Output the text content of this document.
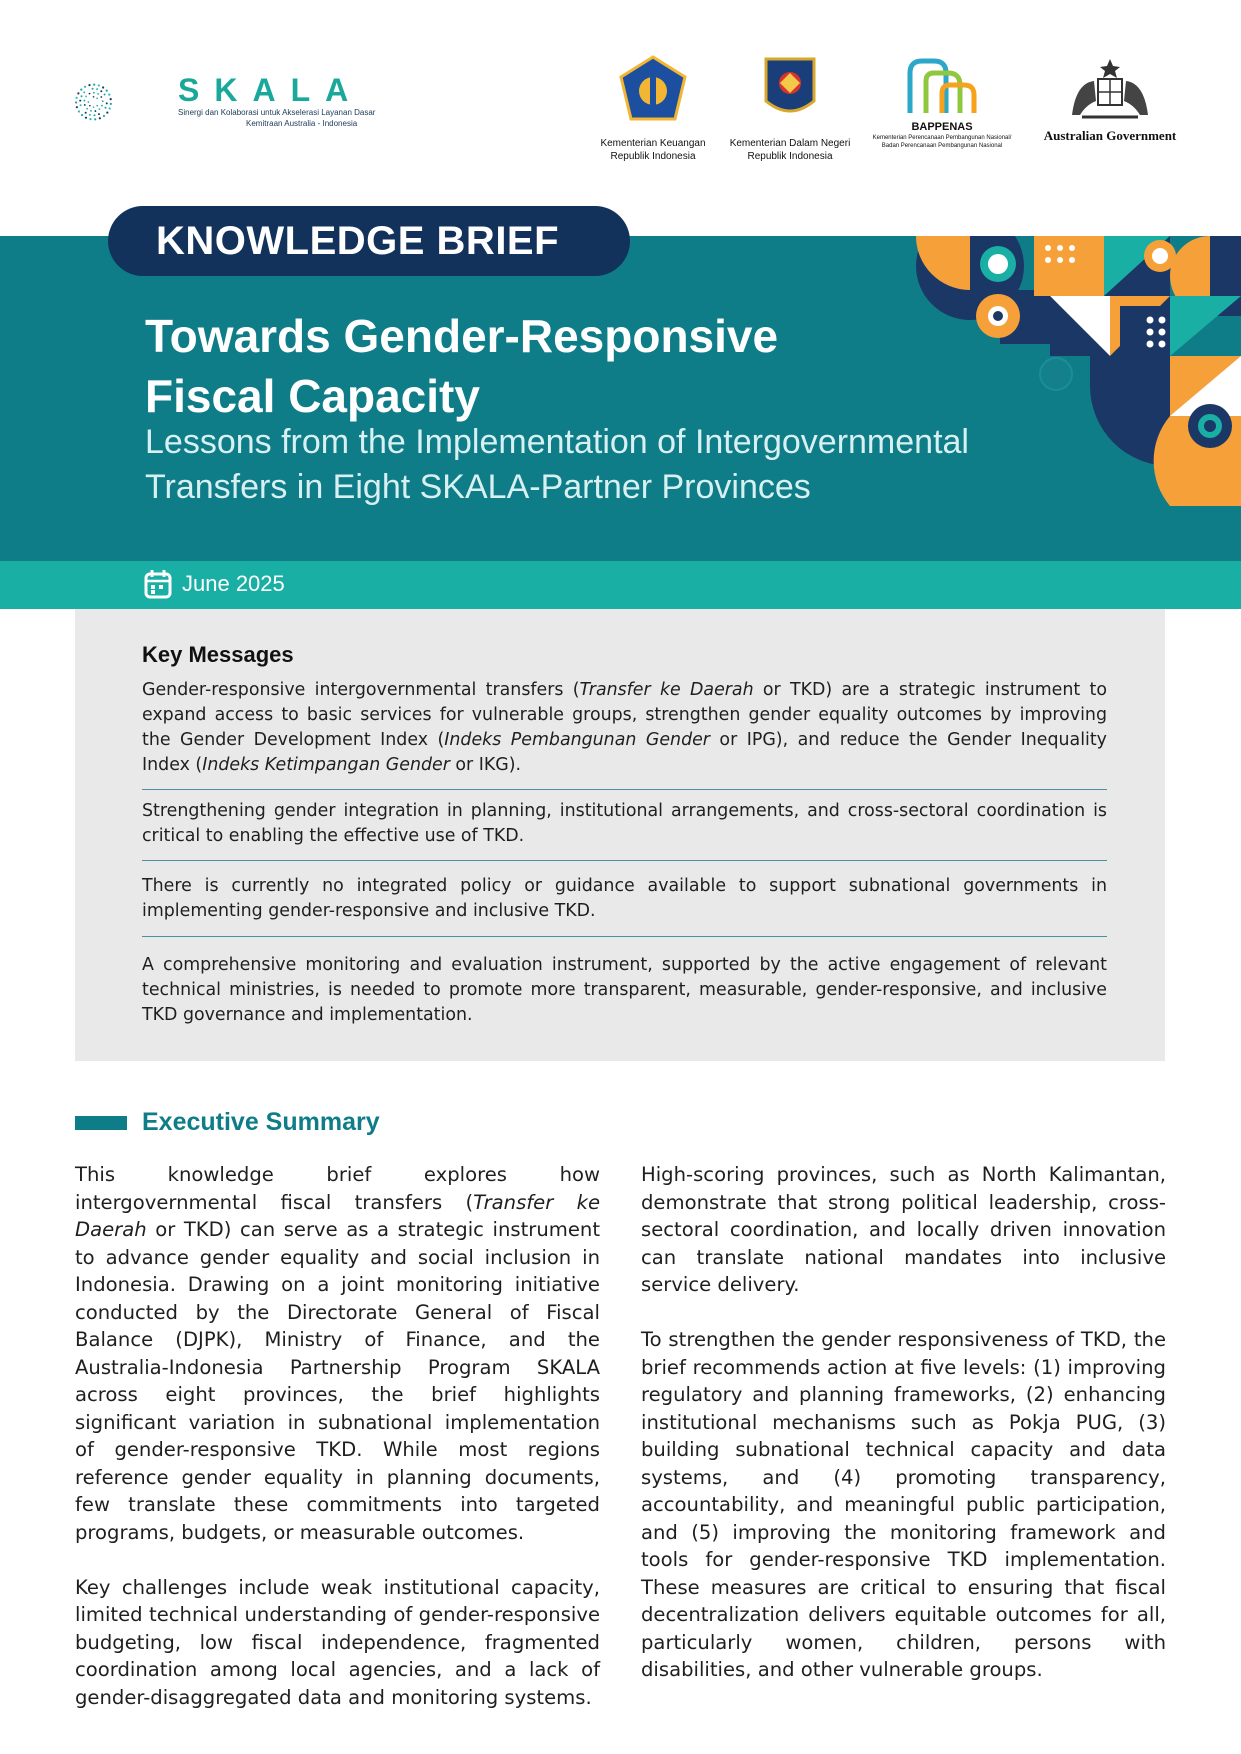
SKALA
Sinergi dan Kolaborasi untuk Akselerasi Layanan Dasar
Kemitraan Australia - Indonesia
Kementerian Keuangan
Republik Indonesia
Kementerian Dalam Negeri
Republik Indonesia
BAPPENAS
Kementerian Perencanaan Pembangunan Nasional/
Badan Perencanaan Pembangunan Nasional
Australian Government
KNOWLEDGE BRIEF
Towards Gender-Responsive
Fiscal Capacity
Lessons from the Implementation of Intergovernmental
Transfers in Eight SKALA-Partner Provinces
June 2025
Key Messages
Gender-responsive intergovernmental transfers (Transfer ke Daerah or TKD) are a strategic instrument to expand access to basic services for vulnerable groups, strengthen gender equality outcomes by improving the Gender Development Index (Indeks Pembangunan Gender or IPG), and reduce the Gender Inequality Index (Indeks Ketimpangan Gender or IKG).
Strengthening gender integration in planning, institutional arrangements, and cross-sectoral coordination is critical to enabling the effective use of TKD.
There is currently no integrated policy or guidance available to support subnational governments in implementing gender-responsive and inclusive TKD.
A comprehensive monitoring and evaluation instrument, supported by the active engagement of relevant technical ministries, is needed to promote more transparent, measurable, gender-responsive, and inclusive TKD governance and implementation.
Executive Summary

This knowledge brief explores how intergovernmental fiscal transfers (Transfer ke Daerah or TKD) can serve as a strategic instrument to advance gender equality and social inclusion in Indonesia. Drawing on a joint monitoring initiative conducted by the Directorate General of Fiscal Balance (DJPK), Ministry of Finance, and the Australia-Indonesia Partnership Program SKALA across eight provinces, the brief highlights significant variation in subnational implementation of gender-responsive TKD. While most regions reference gender equality in planning documents, few translate these commitments into targeted programs, budgets, or measurable outcomes.

Key challenges include weak institutional capacity, limited technical understanding of gender-responsive budgeting, low fiscal independence, fragmented coordination among local agencies, and a lack of gender-disaggregated data and monitoring systems.

High-scoring provinces, such as North Kalimantan, demonstrate that strong political leadership, cross-sectoral coordination, and locally driven innovation can translate national mandates into inclusive service delivery.

To strengthen the gender responsiveness of TKD, the brief recommends action at five levels: (1) improving regulatory and planning frameworks, (2) enhancing institutional mechanisms such as Pokja PUG, (3) building subnational technical capacity and data systems, and (4) promoting transparency, accountability, and meaningful public participation, and (5) improving the monitoring framework and tools for gender-responsive TKD implementation. These measures are critical to ensuring that fiscal decentralization delivers equitable outcomes for all, particularly women, children, persons with disabilities, and other vulnerable groups.
